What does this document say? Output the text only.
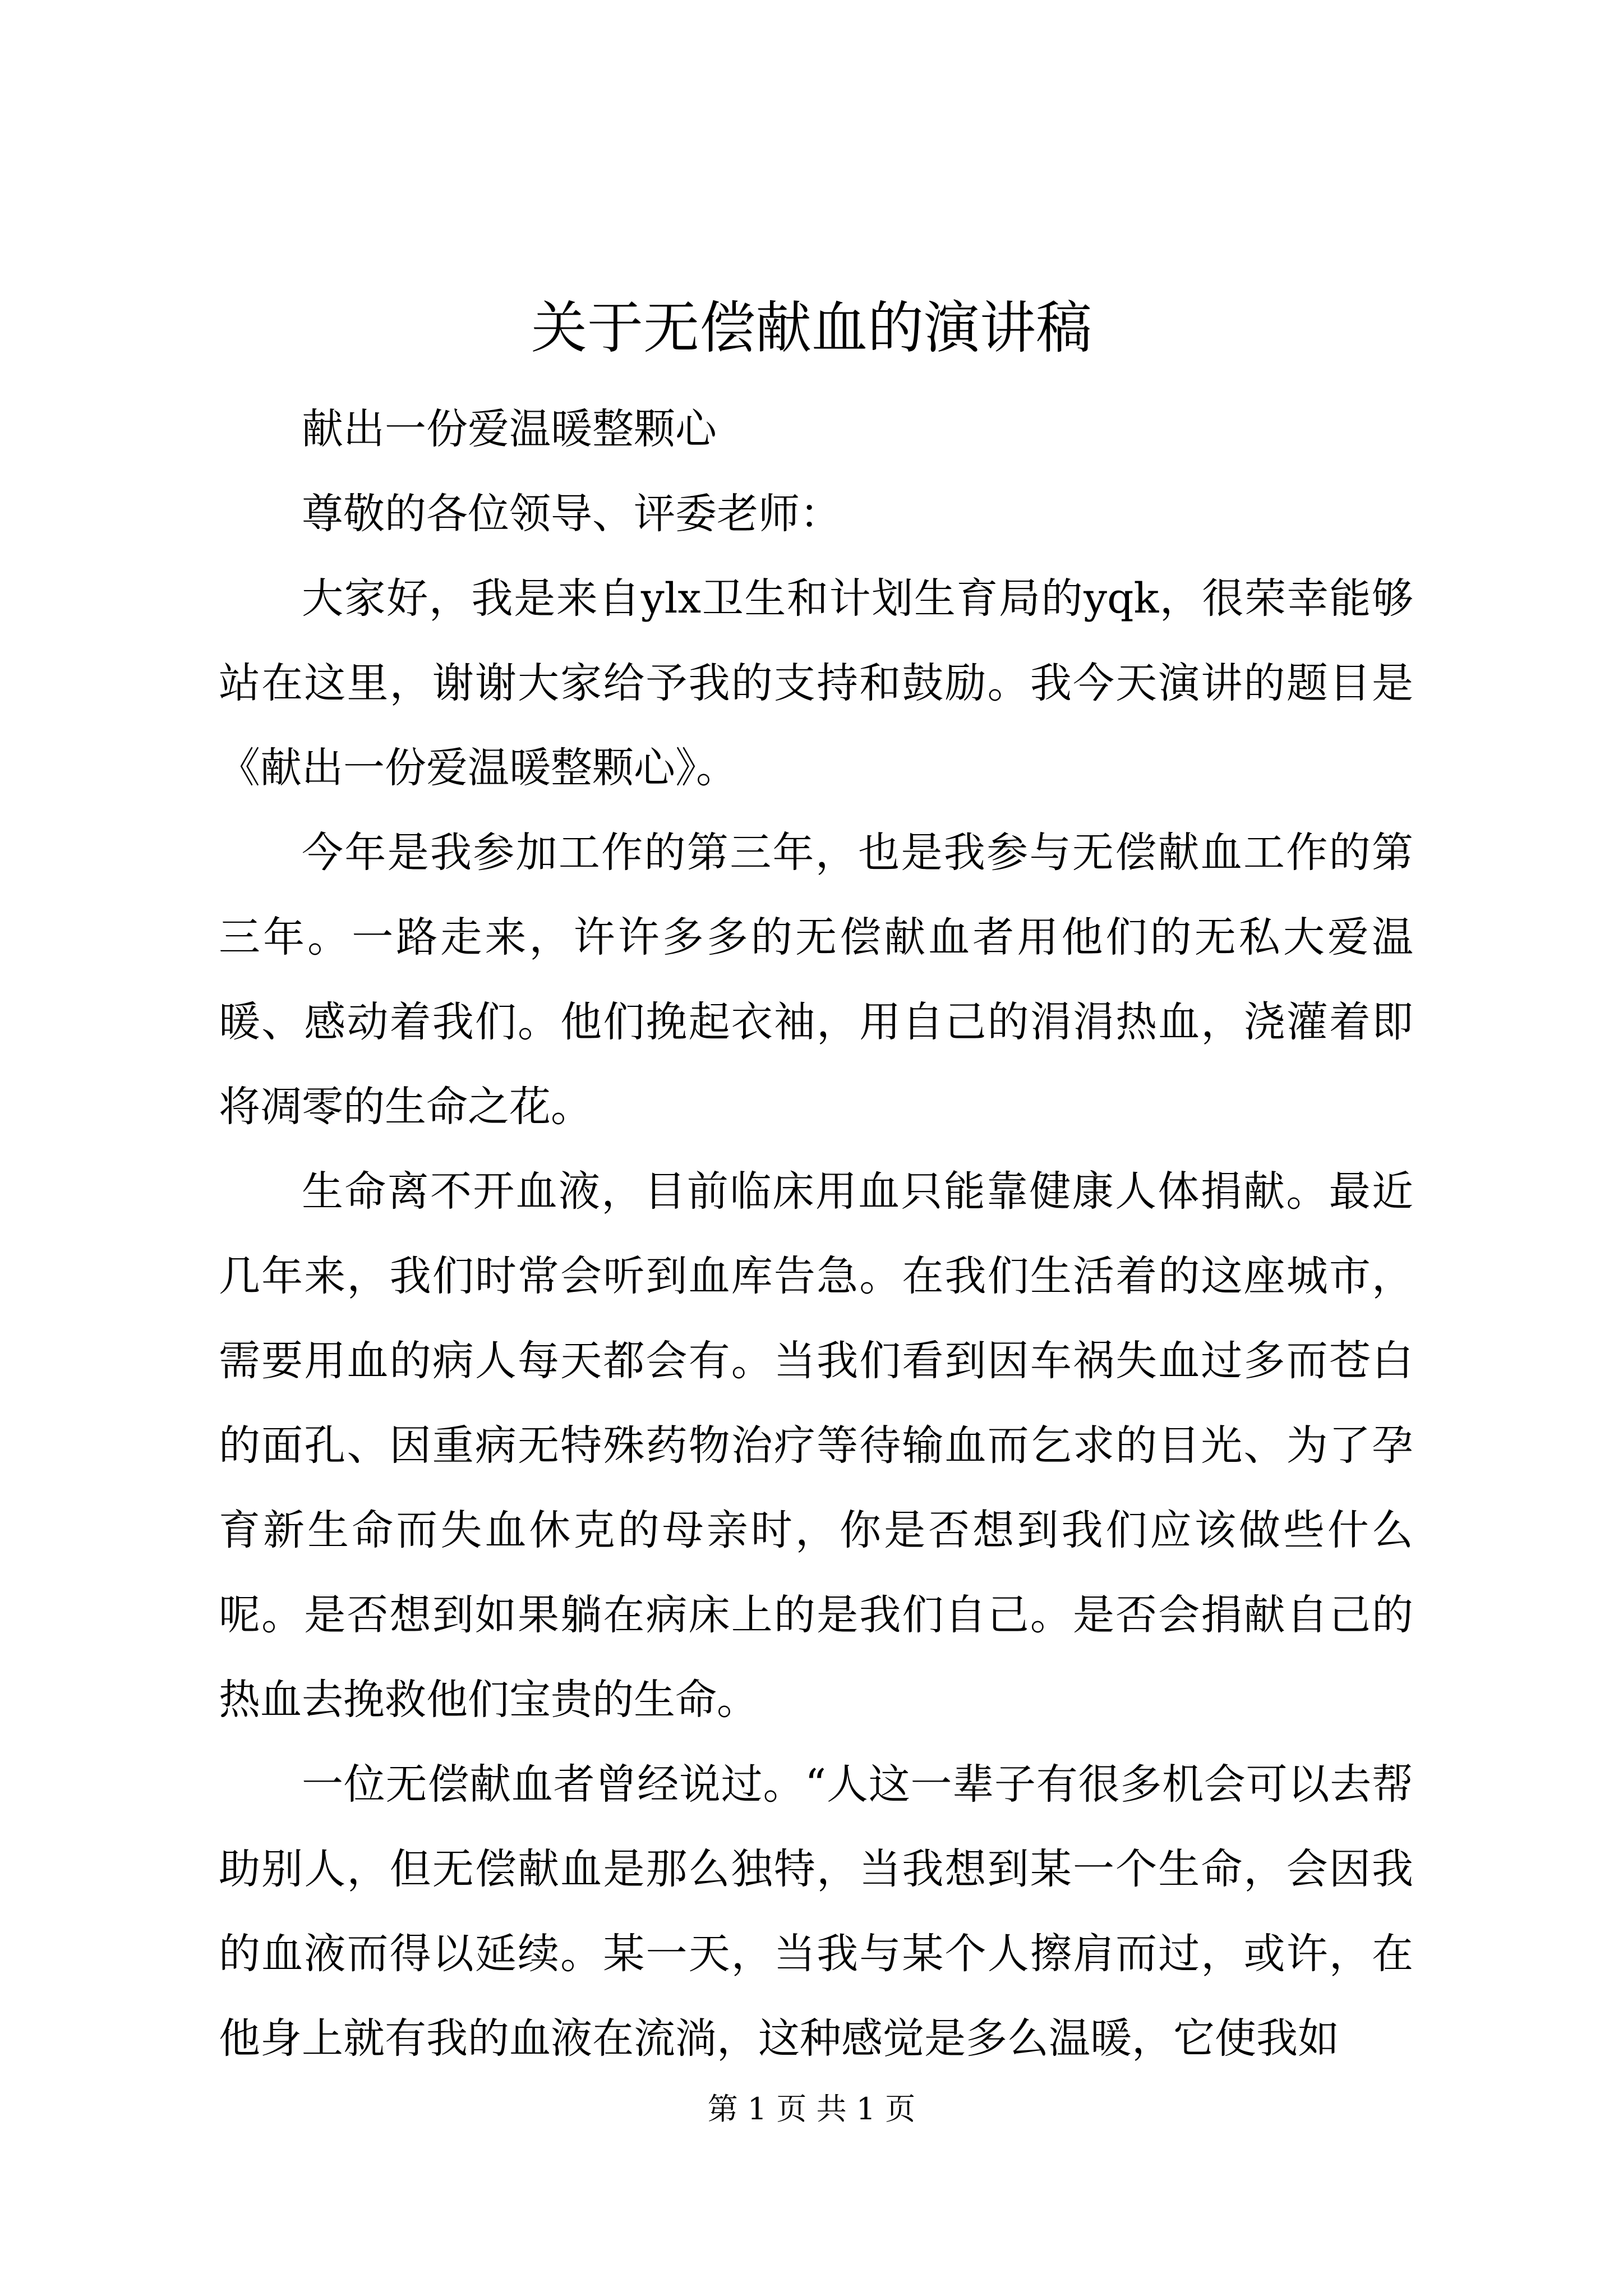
关于无偿献血的演讲稿

献出一份爱温暖整颗心

尊敬的各位领导、评委老师：

大家好，我是来自ylx卫生和计划生育局的yqk，很荣幸能够站在这里，谢谢大家给予我的支持和鼓励。我今天演讲的题目是《献出一份爱温暖整颗心》。

今年是我参加工作的第三年，也是我参与无偿献血工作的第三年。一路走来，许许多多的无偿献血者用他们的无私大爱温暖、感动着我们。他们挽起衣袖，用自己的涓涓热血，浇灌着即将凋零的生命之花。

生命离不开血液，目前临床用血只能靠健康人体捐献。最近几年来，我们时常会听到血库告急。在我们生活着的这座城市，需要用血的病人每天都会有。当我们看到因车祸失血过多而苍白的面孔、因重病无特殊药物治疗等待输血而乞求的目光、为了孕育新生命而失血休克的母亲时，你是否想到我们应该做些什么呢。是否想到如果躺在病床上的是我们自己。是否会捐献自己的热血去挽救他们宝贵的生命。

一位无偿献血者曾经说过。“人这一辈子有很多机会可以去帮助别人，但无偿献血是那么独特，当我想到某一个生命，会因我的血液而得以延续。某一天，当我与某个人擦肩而过，或许，在他身上就有我的血液在流淌，这种感觉是多么温暖，它使我如

第 1 页 共 1 页
